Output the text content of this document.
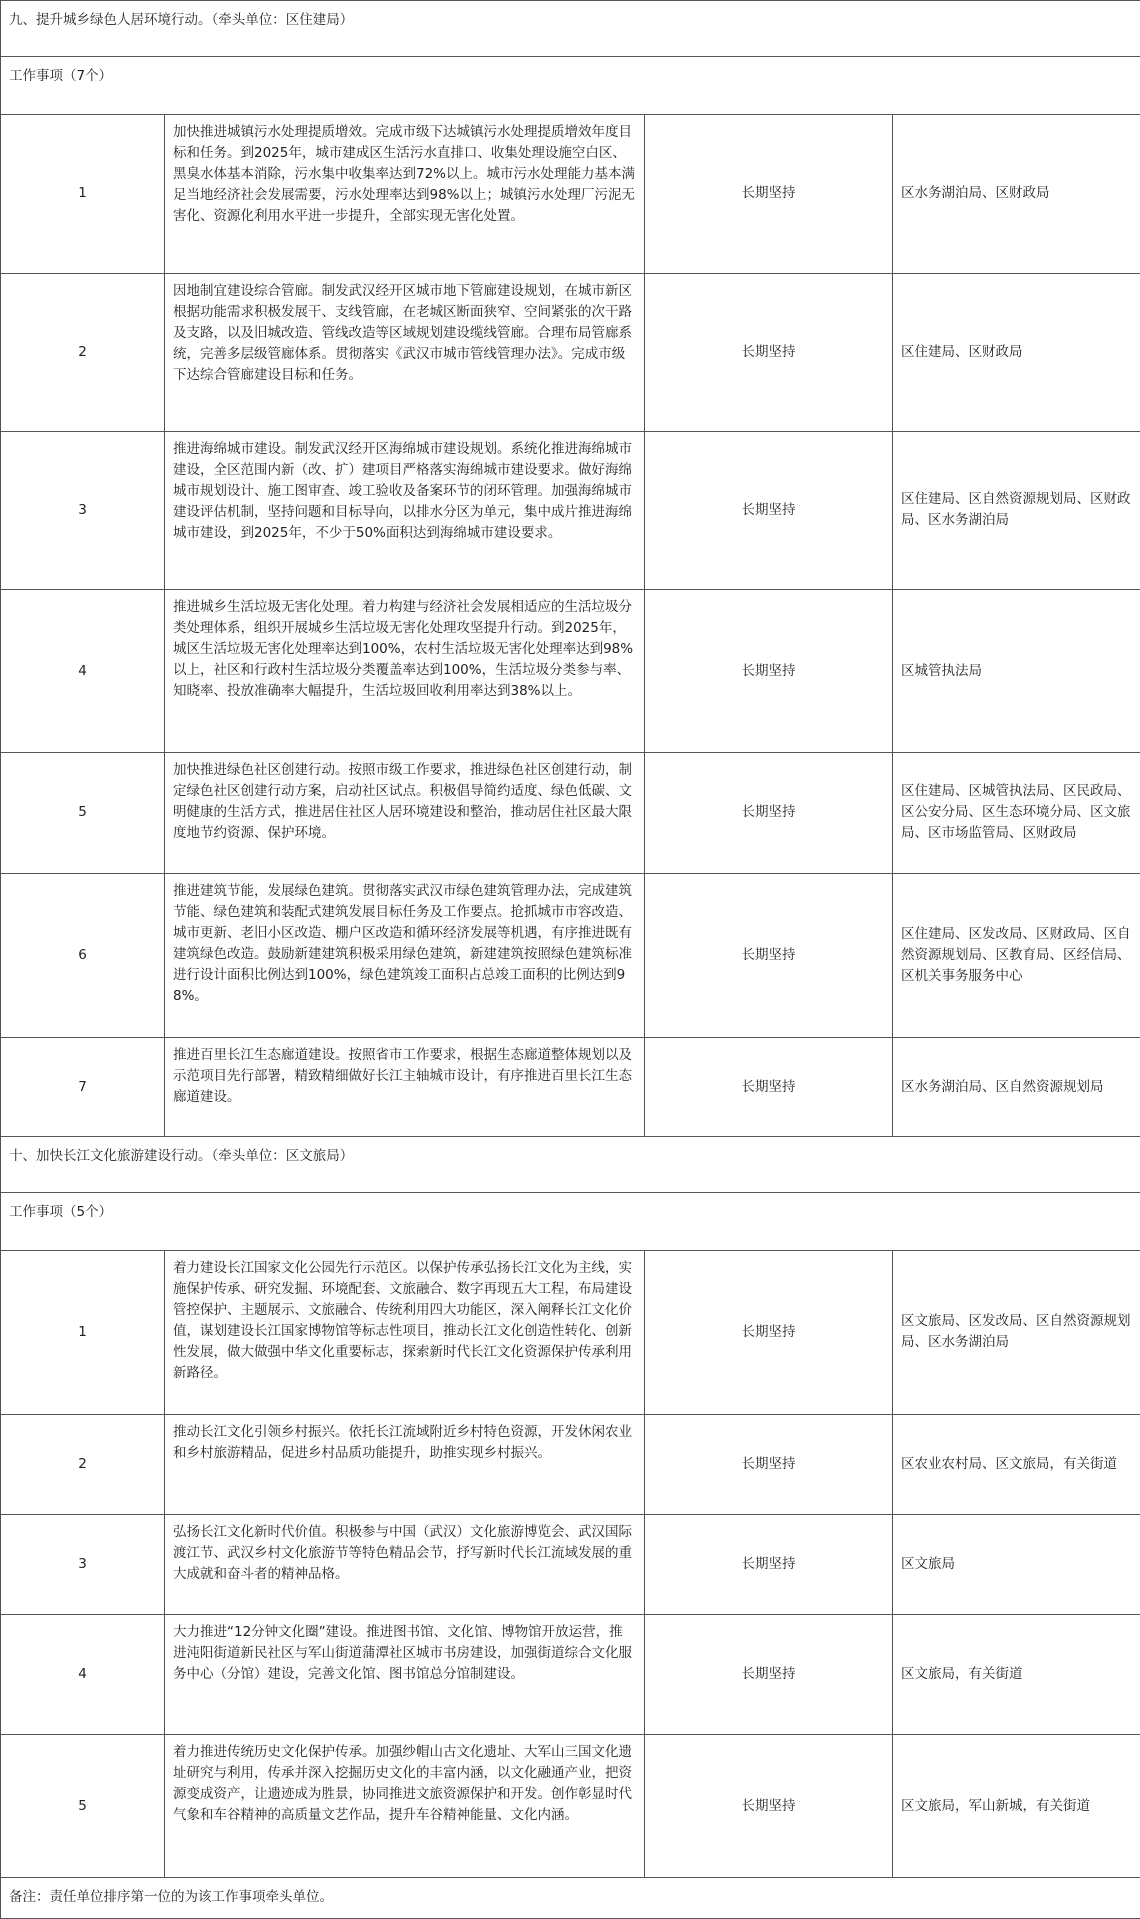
九、提升城乡绿色人居环境行动。（牵头单位：区住建局）			
工作事项（7个）			
1	加快推进城镇污水处理提质增效。完成市级下达城镇污水处理提质增效年度目标和任务。到2025年，城市建成区生活污水直排口、收集处理设施空白区、黑臭水体基本消除，污水集中收集率达到72%以上。城市污水处理能力基本满足当地经济社会发展需要，污水处理率达到98%以上；城镇污水处理厂污泥无害化、资源化利用水平进一步提升，全部实现无害化处置。	长期坚持	区水务湖泊局、区财政局
2	因地制宜建设综合管廊。制发武汉经开区城市地下管廊建设规划，在城市新区根据功能需求积极发展干、支线管廊，在老城区断面狭窄、空间紧张的次干路及支路，以及旧城改造、管线改造等区域规划建设缆线管廊。合理布局管廊系统，完善多层级管廊体系。贯彻落实《武汉市城市管线管理办法》。完成市级下达综合管廊建设目标和任务。	长期坚持	区住建局、区财政局
3	推进海绵城市建设。制发武汉经开区海绵城市建设规划。系统化推进海绵城市建设，全区范围内新（改、扩）建项目严格落实海绵城市建设要求。做好海绵城市规划设计、施工图审查、竣工验收及备案环节的闭环管理。加强海绵城市建设评估机制，坚持问题和目标导向，以排水分区为单元，集中成片推进海绵城市建设，到2025年，不少于50%面积达到海绵城市建设要求。	长期坚持	区住建局、区自然资源规划局、区财政局、区水务湖泊局
4	推进城乡生活垃圾无害化处理。着力构建与经济社会发展相适应的生活垃圾分类处理体系，组织开展城乡生活垃圾无害化处理攻坚提升行动。到2025年，城区生活垃圾无害化处理率达到100%，农村生活垃圾无害化处理率达到98%以上，社区和行政村生活垃圾分类覆盖率达到100%，生活垃圾分类参与率、知晓率、投放准确率大幅提升，生活垃圾回收利用率达到38%以上。	长期坚持	区城管执法局
5	加快推进绿色社区创建行动。按照市级工作要求，推进绿色社区创建行动，制定绿色社区创建行动方案，启动社区试点。积极倡导简约适度、绿色低碳、文明健康的生活方式，推进居住社区人居环境建设和整治，推动居住社区最大限度地节约资源、保护环境。	长期坚持	区住建局、区城管执法局、区民政局、区公安分局、区生态环境分局、区文旅局、区市场监管局、区财政局
6	推进建筑节能，发展绿色建筑。贯彻落实武汉市绿色建筑管理办法，完成建筑节能、绿色建筑和装配式建筑发展目标任务及工作要点。抢抓城市市容改造、城市更新、老旧小区改造、棚户区改造和循环经济发展等机遇，有序推进既有建筑绿色改造。鼓励新建建筑积极采用绿色建筑，新建建筑按照绿色建筑标准进行设计面积比例达到100%，绿色建筑竣工面积占总竣工面积的比例达到98%。	长期坚持	区住建局、区发改局、区财政局、区自然资源规划局、区教育局、区经信局、区机关事务服务中心
7	推进百里长江生态廊道建设。按照省市工作要求，根据生态廊道整体规划以及示范项目先行部署，精致精细做好长江主轴城市设计，有序推进百里长江生态廊道建设。	长期坚持	区水务湖泊局、区自然资源规划局
十、加快长江文化旅游建设行动。（牵头单位：区文旅局）			
工作事项（5个）			
1	着力建设长江国家文化公园先行示范区。以保护传承弘扬长江文化为主线，实施保护传承、研究发掘、环境配套、文旅融合、数字再现五大工程，布局建设管控保护、主题展示、文旅融合、传统利用四大功能区，深入阐释长江文化价值，谋划建设长江国家博物馆等标志性项目，推动长江文化创造性转化、创新性发展，做大做强中华文化重要标志，探索新时代长江文化资源保护传承利用新路径。	长期坚持	区文旅局、区发改局、区自然资源规划局、区水务湖泊局
2	推动长江文化引领乡村振兴。依托长江流域附近乡村特色资源，开发休闲农业和乡村旅游精品，促进乡村品质功能提升，助推实现乡村振兴。	长期坚持	区农业农村局、区文旅局，有关街道
3	弘扬长江文化新时代价值。积极参与中国（武汉）文化旅游博览会、武汉国际渡江节、武汉乡村文化旅游节等特色精品会节，抒写新时代长江流域发展的重大成就和奋斗者的精神品格。	长期坚持	区文旅局
4	大力推进“12分钟文化圈”建设。推进图书馆、文化馆、博物馆开放运营，推进沌阳街道新民社区与军山街道蒲潭社区城市书房建设，加强街道综合文化服务中心（分馆）建设，完善文化馆、图书馆总分馆制建设。	长期坚持	区文旅局，有关街道
5	着力推进传统历史文化保护传承。加强纱帽山古文化遗址、大军山三国文化遗址研究与利用，传承并深入挖掘历史文化的丰富内涵，以文化融通产业，把资源变成资产，让遗迹成为胜景，协同推进文旅资源保护和开发。创作彰显时代气象和车谷精神的高质量文艺作品，提升车谷精神能量、文化内涵。	长期坚持	区文旅局，军山新城，有关街道
备注：责任单位排序第一位的为该工作事项牵头单位。			
